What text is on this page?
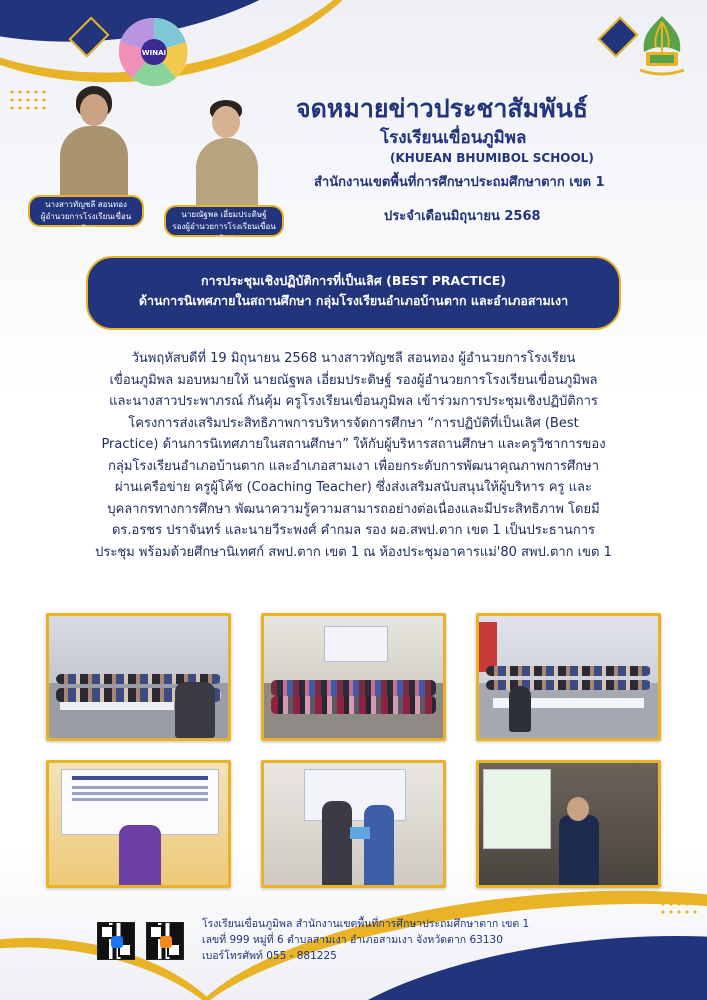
WINAI
นางสาวทัญชลี สอนทอง
ผู้อำนวยการโรงเรียนเขื่อนภูมิพล
นายณัฐพล เอี่ยมประดิษฐ์
รองผู้อำนวยการโรงเรียนเขื่อนภูมิพล
จดหมายข่าวประชาสัมพันธ์
โรงเรียนเขื่อนภูมิพล
(KHUEAN BHUMIBOL SCHOOL)
สำนักงานเขตพื้นที่การศึกษาประถมศึกษาตาก เขต 1
ประจำเดือนมิถุนายน 2568
การประชุมเชิงปฏิบัติการที่เป็นเลิศ (BEST PRACTICE)
ด้านการนิเทศภายในสถานศึกษา กลุ่มโรงเรียนอำเภอบ้านตาก และอำเภอสามเงา
วันพฤหัสบดีที่ 19 มิถุนายน 2568 นางสาวทัญชลี สอนทอง ผู้อำนวยการโรงเรียน
เขื่อนภูมิพล มอบหมายให้ นายณัฐพล เอี่ยมประดิษฐ์ รองผู้อำนวยการโรงเรียนเขื่อนภูมิพล
และนางสาวประพาภรณ์ กันคุ้ม ครูโรงเรียนเขื่อนภูมิพล เข้าร่วมการประชุมเชิงปฏิบัติการ
โครงการส่งเสริมประสิทธิภาพการบริหารจัดการศึกษา “การปฏิบัติที่เป็นเลิศ (Best
Practice) ด้านการนิเทศภายในสถานศึกษา” ให้กับผู้บริหารสถานศึกษา และครูวิชาการของ
กลุ่มโรงเรียนอำเภอบ้านตาก และอำเภอสามเงา เพื่อยกระดับการพัฒนาคุณภาพการศึกษา
ผ่านเครือข่าย ครูผู้โค้ช (Coaching Teacher) ซึ่งส่งเสริมสนับสนุนให้ผู้บริหาร ครู และ
บุคลากรทางการศึกษา พัฒนาความรู้ความสามารถอย่างต่อเนื่องและมีประสิทธิภาพ โดยมี
ดร.อรชร ปราจันทร์ และนายวีระพงศ์ คำกมล รอง ผอ.สพป.ตาก เขต 1 เป็นประธานการ
ประชุม พร้อมด้วยศึกษานิเทศก์ สพป.ตาก เขต 1 ณ ห้องประชุมอาคารแม่'80 สพป.ตาก เขต 1
โรงเรียนเขื่อนภูมิพล สำนักงานเขตพื้นที่การศึกษาประถมศึกษาตาก เขต 1
เลขที่ 999 หมู่ที่ 6 ตำบลสามเงา อำเภอสามเงา จังหวัดตาก 63130
เบอร์โทรศัพท์ 055 - 881225
